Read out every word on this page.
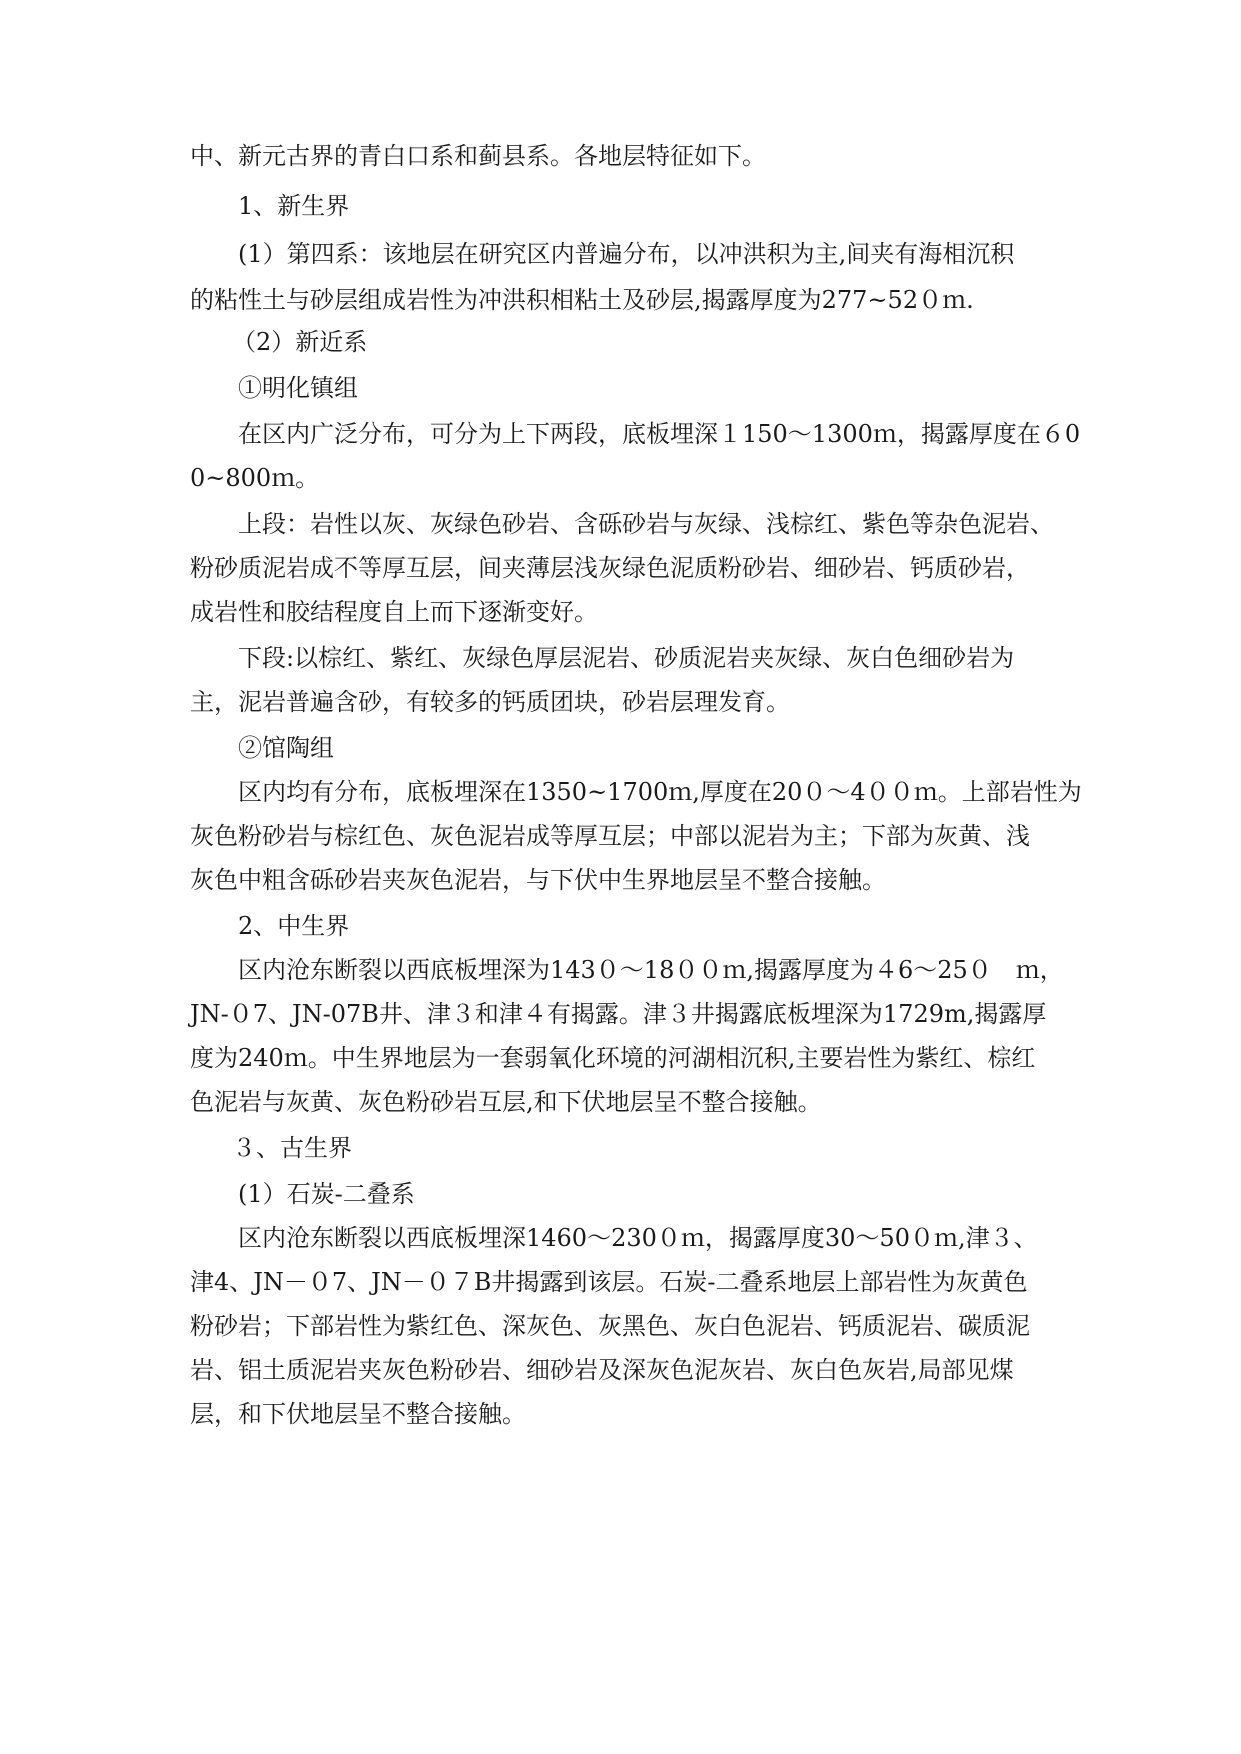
中、新元古界的青白口系和蓟县系。各地层特征如下。
1、新生界
(1）第四系：该地层在研究区内普遍分布，以冲洪积为主,间夹有海相沉积
的粘性土与砂层组成岩性为冲洪积相粘土及砂层,揭露厚度为277~52０ｍ.
（2）新近系
①明化镇组
在区内广泛分布，可分为上下两段，底板埋深１150～1300ｍ，揭露厚度在６0
0~800ｍ。
上段：岩性以灰、灰绿色砂岩、含砾砂岩与灰绿、浅棕红、紫色等杂色泥岩、
粉砂质泥岩成不等厚互层，间夹薄层浅灰绿色泥质粉砂岩、细砂岩、钙质砂岩，
成岩性和胶结程度自上而下逐渐变好。
下段:以棕红、紫红、灰绿色厚层泥岩、砂质泥岩夹灰绿、灰白色细砂岩为
主，泥岩普遍含砂，有较多的钙质团块，砂岩层理发育。
②馆陶组
区内均有分布，底板埋深在1350~1700ｍ,厚度在20０～4００ｍ。上部岩性为
灰色粉砂岩与棕红色、灰色泥岩成等厚互层；中部以泥岩为主；下部为灰黄、浅
灰色中粗含砾砂岩夹灰色泥岩，与下伏中生界地层呈不整合接触。
2、中生界
区内沧东断裂以西底板埋深为143０～18００ｍ,揭露厚度为４6～25０　ｍ，
JN-０7、JN-07B井、津３和津４有揭露。津３井揭露底板埋深为1729m,揭露厚
度为240ｍ。中生界地层为一套弱氧化环境的河湖相沉积,主要岩性为紫红、棕红
色泥岩与灰黄、灰色粉砂岩互层,和下伏地层呈不整合接触。
３、古生界
(1）石炭-二叠系
区内沧东断裂以西底板埋深1460～230０ｍ，揭露厚度30～50０ｍ,津３、
津4、JN－０7、JN－０７B井揭露到该层。石炭-二叠系地层上部岩性为灰黄色
粉砂岩；下部岩性为紫红色、深灰色、灰黑色、灰白色泥岩、钙质泥岩、碳质泥
岩、铝土质泥岩夹灰色粉砂岩、细砂岩及深灰色泥灰岩、灰白色灰岩,局部见煤
层，和下伏地层呈不整合接触。
